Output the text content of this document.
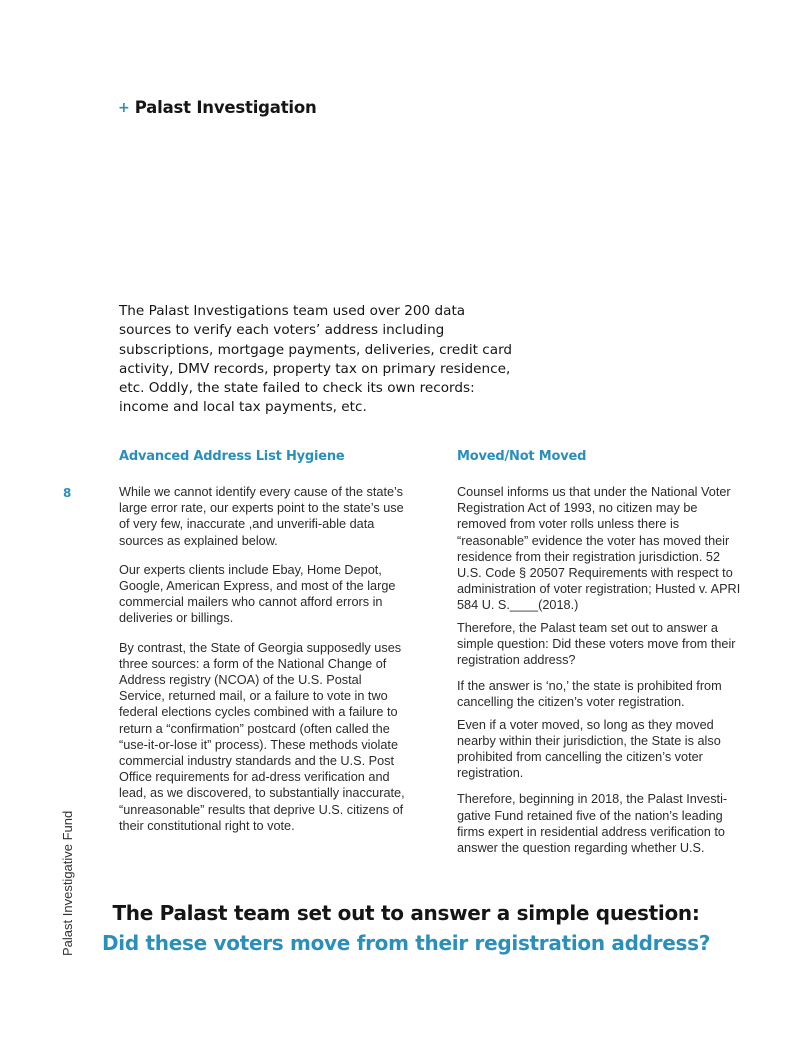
+ Palast Investigation
The Palast Investigations team used over 200 data sources to verify each voters’ address including subscriptions, mortgage payments, deliveries, credit card activity, DMV records, property tax on primary residence, etc. Oddly, the state failed to check its own records: income and local tax payments, etc.
8
Advanced Address List Hygiene	Moved/Not Moved

While we cannot identify every cause of the state’s large error rate, our experts point to the state’s use of very few, inaccurate ,and unverifi-able data sources as explained below.

Our experts clients include Ebay, Home Depot, Google, American Express, and most of the large commercial mailers who cannot afford errors in deliveries or billings.

By contrast, the State of Georgia supposedly uses three sources: a form of the National Change of Address registry (NCOA) of the U.S. Postal Service, returned mail, or a failure to vote in two federal elections cycles combined with a failure to return a “confirmation” postcard (often called the “use-it-or-lose it” process). These methods violate commercial industry standards and the U.S. Post Office requirements for ad-dress verification and lead, as we discovered, to substantially inaccurate, “unreasonable” results that deprive U.S. citizens of their constitutional right to vote.

Counsel informs us that under the National Voter Registration Act of 1993, no citizen may be removed from voter rolls unless there is “reasonable” evidence the voter has moved their residence from their registration jurisdiction. 52 U.S. Code § 20507 Requirements with respect to administration of voter registration; Husted v. APRI 584 U. S.____(2018.)

Therefore, the Palast team set out to answer a simple question: Did these voters move from their registration address?

If the answer is ‘no,’ the state is prohibited from cancelling the citizen’s voter registration.

Even if a voter moved, so long as they moved nearby within their jurisdiction, the State is also prohibited from cancelling the citizen’s voter registration.

Therefore, beginning in 2018, the Palast Investi-gative Fund retained five of the nation’s leading firms expert in residential address verification to answer the question regarding whether U.S.

Palast Investigative Fund	The Palast team set out to answer a simple question:
Did these voters move from their registration address?
